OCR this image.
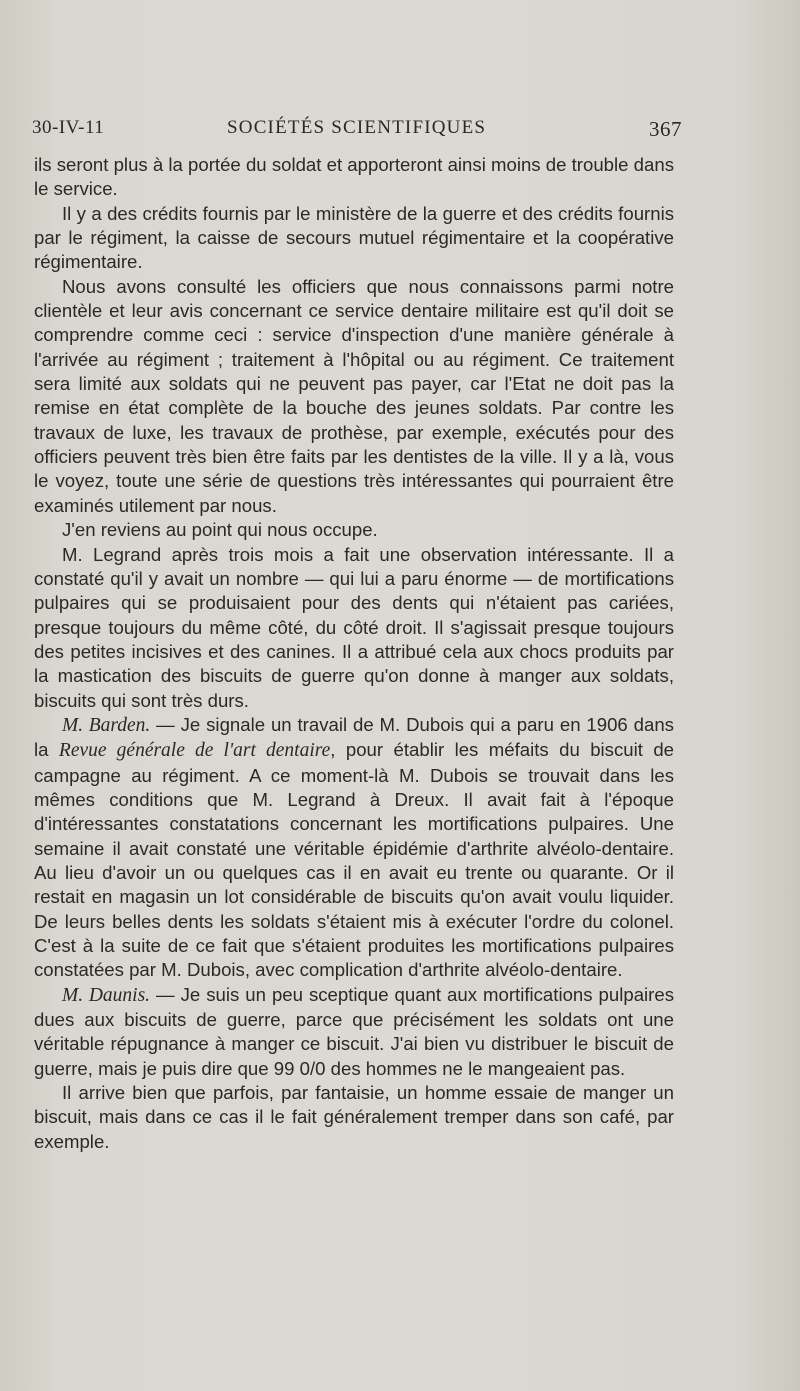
30-IV-11	SOCIÉTÉS SCIENTIFIQUES	367

ils seront plus à la portée du soldat et apporteront ainsi moins de trouble dans le service.

Il y a des crédits fournis par le ministère de la guerre et des crédits fournis par le régiment, la caisse de secours mutuel régimentaire et la coopérative régimentaire.

Nous avons consulté les officiers que nous connaissons parmi notre clientèle et leur avis concernant ce service dentaire militaire est qu'il doit se comprendre comme ceci : service d'inspection d'une manière générale à l'arrivée au régiment ; traitement à l'hôpital ou au régiment. Ce traitement sera limité aux soldats qui ne peuvent pas payer, car l'Etat ne doit pas la remise en état complète de la bouche des jeunes soldats. Par contre les travaux de luxe, les travaux de prothèse, par exemple, exécutés pour des officiers peuvent très bien être faits par les dentistes de la ville. Il y a là, vous le voyez, toute une série de questions très intéressantes qui pourraient être examinés utilement par nous.

J'en reviens au point qui nous occupe.

M. Legrand après trois mois a fait une observation intéressante. Il a constaté qu'il y avait un nombre — qui lui a paru énorme — de mortifications pulpaires qui se produisaient pour des dents qui n'étaient pas cariées, presque toujours du même côté, du côté droit. Il s'agissait presque toujours des petites incisives et des canines. Il a attribué cela aux chocs produits par la mastication des biscuits de guerre qu'on donne à manger aux soldats, biscuits qui sont très durs.

M. Barden. — Je signale un travail de M. Dubois qui a paru en 1906 dans la Revue générale de l'art dentaire, pour établir les méfaits du biscuit de campagne au régiment. A ce moment-là M. Dubois se trouvait dans les mêmes conditions que M. Legrand à Dreux. Il avait fait à l'époque d'intéressantes constatations concernant les mortifications pulpaires. Une semaine il avait constaté une véritable épidémie d'arthrite alvéolo-dentaire. Au lieu d'avoir un ou quelques cas il en avait eu trente ou quarante. Or il restait en magasin un lot considérable de biscuits qu'on avait voulu liquider. De leurs belles dents les soldats s'étaient mis à exécuter l'ordre du colonel. C'est à la suite de ce fait que s'étaient produites les mortifications pulpaires constatées par M. Dubois, avec complication d'arthrite alvéolo-dentaire.

M. Daunis. — Je suis un peu sceptique quant aux mortifications pulpaires dues aux biscuits de guerre, parce que précisément les soldats ont une véritable répugnance à manger ce biscuit. J'ai bien vu distribuer le biscuit de guerre, mais je puis dire que 99 0/0 des hommes ne le mangeaient pas.

Il arrive bien que parfois, par fantaisie, un homme essaie de manger un biscuit, mais dans ce cas il le fait généralement tremper dans son café, par exemple.
